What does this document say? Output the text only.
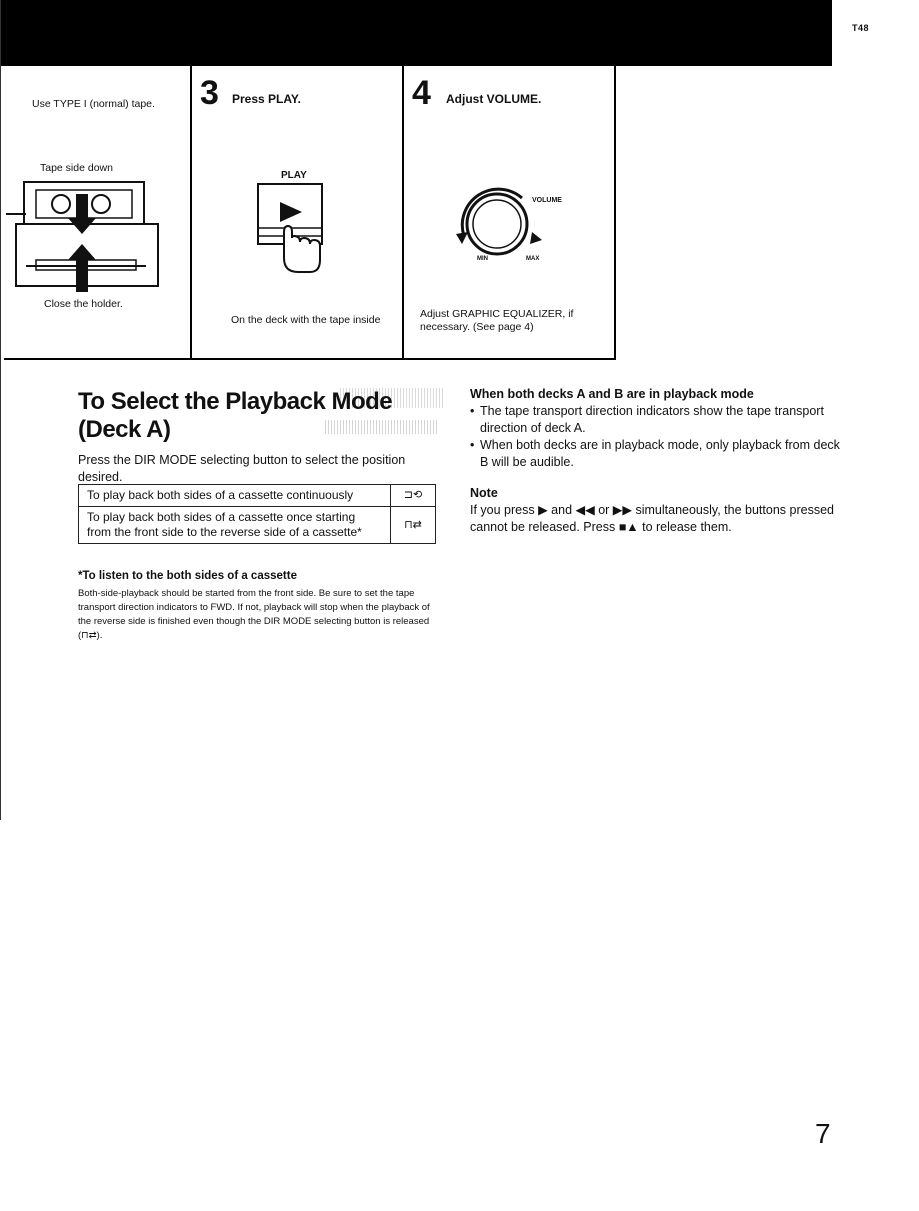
T48
Use TYPE I (normal) tape.
Tape side down
Close the holder.
3 Press PLAY.
PLAY
On the deck with the tape inside
4 Adjust VOLUME.
VOLUME
MIN	MAX
Adjust GRAPHIC EQUALIZER, if necessary. (See page 4)
To Select the Playback Mode
(Deck A)
Press the DIR MODE selecting button to select the position desired.
To play back both sides of a cassette continuously	⊐⟲
To play back both sides of a cassette once starting from the front side to the reverse side of a cassette*	⊓⇄
*To listen to the both sides of a cassette
Both-side-playback should be started from the front side. Be sure to set the tape transport direction indicators to FWD. If not, playback will stop when the playback of the reverse side is finished even though the DIR MODE selecting button is released (⊓⇄).
When both decks A and B are in playback mode
• The tape transport direction indicators show the tape transport direction of deck A.
• When both decks are in playback mode, only playback from deck B will be audible.
Note
If you press ▶ and ◀◀ or ▶▶ simultaneously, the buttons pressed cannot be released. Press ■▲ to release them.
7
